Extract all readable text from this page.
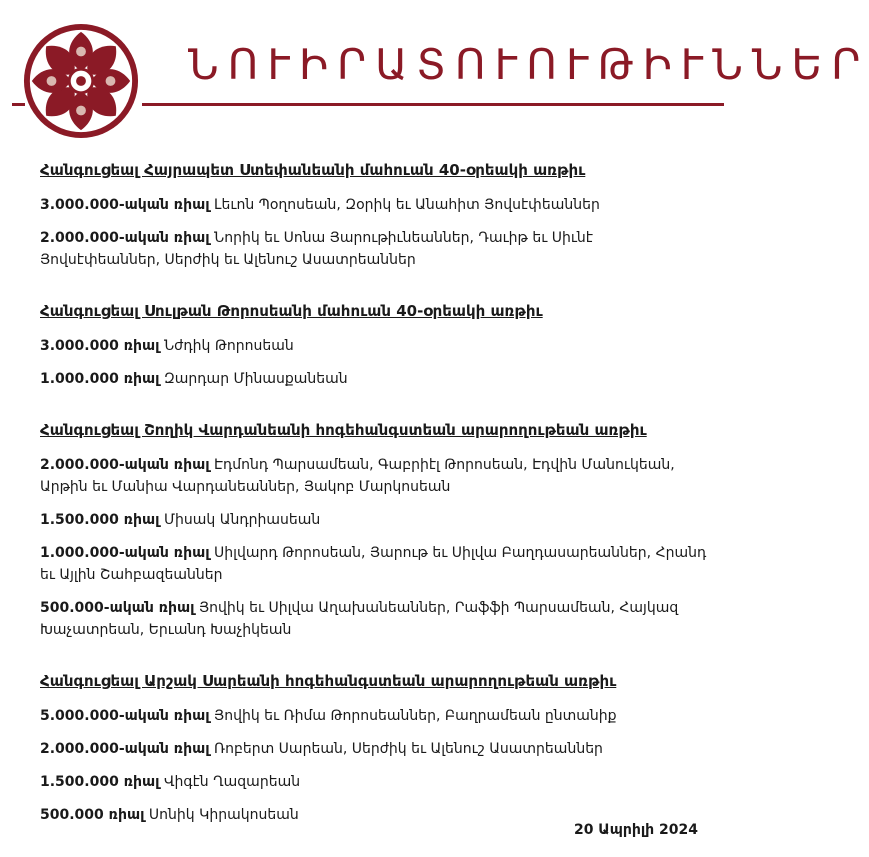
ՆՈՒԻՐԱՏՈՒՈՒԹԻՒՆՆԵՐ
Հանգուցեալ Հայրապետ Ստեփանեանի մահուան 40-օրեակի առթիւ
3.000.000-ական ռիալ Լեւոն Պօղոսեան, Զօրիկ եւ Անահիտ Յովսէփեաններ
2.000.000-ական ռիալ Նորիկ եւ Սոնա Յարութիւնեաններ, Դաւիթ եւ Սիւնէ Յովսէփեաններ, Սերժիկ եւ Ալենուշ Ասատրեաններ
Հանգուցեալ Սուլթան Թորոսեանի մահուան 40-օրեակի առթիւ
3.000.000 ռիալ Նժդիկ Թորոսեան
1.000.000 ռիալ Զարդար Մինասքանեան
Հանգուցեալ Շողիկ Վարդանեանի հոգեհանգստեան արարողութեան առթիւ
2.000.000-ական ռիալ Էդմոնդ Պարսամեան, Գաբրիէլ Թորոսեան, Էդվին Մանուկեան, Արթին եւ Մանիա Վարդանեաններ, Յակոբ Մարկոսեան
1.500.000 ռիալ Միսակ Անդրիասեան
1.000.000-ական ռիալ Սիլվարդ Թորոսեան, Յարութ եւ Սիլվա Բաղդասարեաններ, Հրանդ եւ Այլին Շահբազեաններ
500.000-ական ռիալ Յովիկ եւ Սիլվա Աղախանեաններ, Րաֆֆի Պարսամեան, Հայկազ Խաչատրեան, Երւանդ Խաչիկեան
Հանգուցեալ Արշակ Սարեանի հոգեհանգստեան արարողութեան առթիւ
5.000.000-ական ռիալ Յովիկ եւ Ռիմա Թորոսեաններ, Բաղրամեան ընտանիք
2.000.000-ական ռիալ Ռոբերտ Սարեան, Սերժիկ եւ Ալենուշ Ասատրեաններ
1.500.000 ռիալ Վիգէն Ղազարեան
500.000 ռիալ Սոնիկ Կիրակոսեան
20 Ապրիլի 2024
